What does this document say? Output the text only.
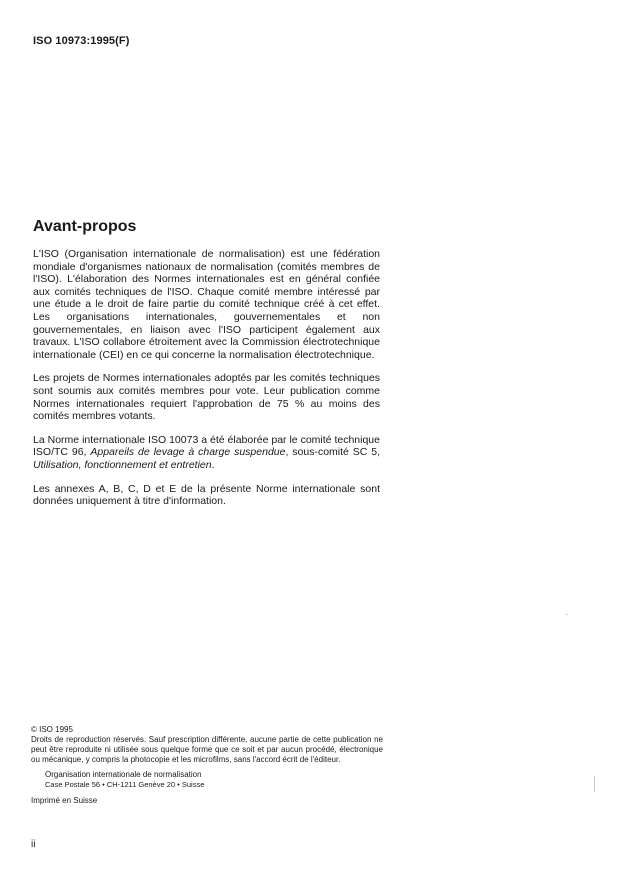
ISO 10973:1995(F)
Avant-propos

L'ISO (Organisation internationale de normalisation) est une fédération mondiale d'organismes nationaux de normalisation (comités membres de l'ISO). L'élaboration des Normes internationales est en général confiée aux comités techniques de l'ISO. Chaque comité membre intéressé par une étude a le droit de faire partie du comité technique créé à cet effet. Les organisations internationales, gouvernementales et non gouvernementales, en liaison avec l'ISO participent également aux travaux. L'ISO collabore étroitement avec la Commission électrotechnique internationale (CEI) en ce qui concerne la normalisation électrotechnique.

Les projets de Normes internationales adoptés par les comités techniques sont soumis aux comités membres pour vote. Leur publication comme Normes internationales requiert l'approbation de 75 % au moins des comités membres votants.

La Norme internationale ISO 10073 a été élaborée par le comité technique ISO/TC 96, Appareils de levage à charge suspendue, sous-comité SC 5, Utilisation, fonctionnement et entretien.

Les annexes A, B, C, D et E de la présente Norme internationale sont données uniquement à titre d'information.

© ISO 1995

Droits de reproduction réservés. Sauf prescription différente, aucune partie de cette publication ne peut être reproduite ni utilisée sous quelque forme que ce soit et par aucun procédé, électronique ou mécanique, y compris la photocopie et les microfilms, sans l'accord écrit de l'éditeur.

Organisation internationale de normalisation

Case Postale 56 • CH-1211 Genève 20 • Suisse

Imprimé en Suisse

ii
